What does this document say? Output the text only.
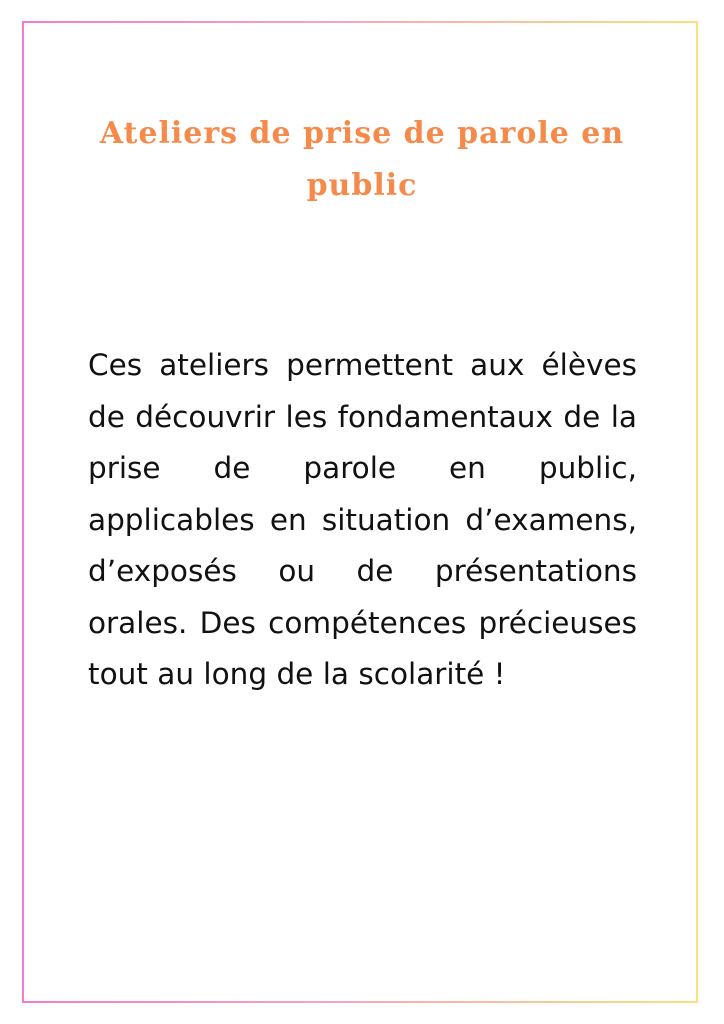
Ateliers de prise de parole en public

Ces ateliers permettent aux élèves de découvrir les fondamentaux de la prise de parole en public, applicables en situation d’examens, d’exposés ou de présentations orales. Des compétences précieuses tout au long de la scolarité !
